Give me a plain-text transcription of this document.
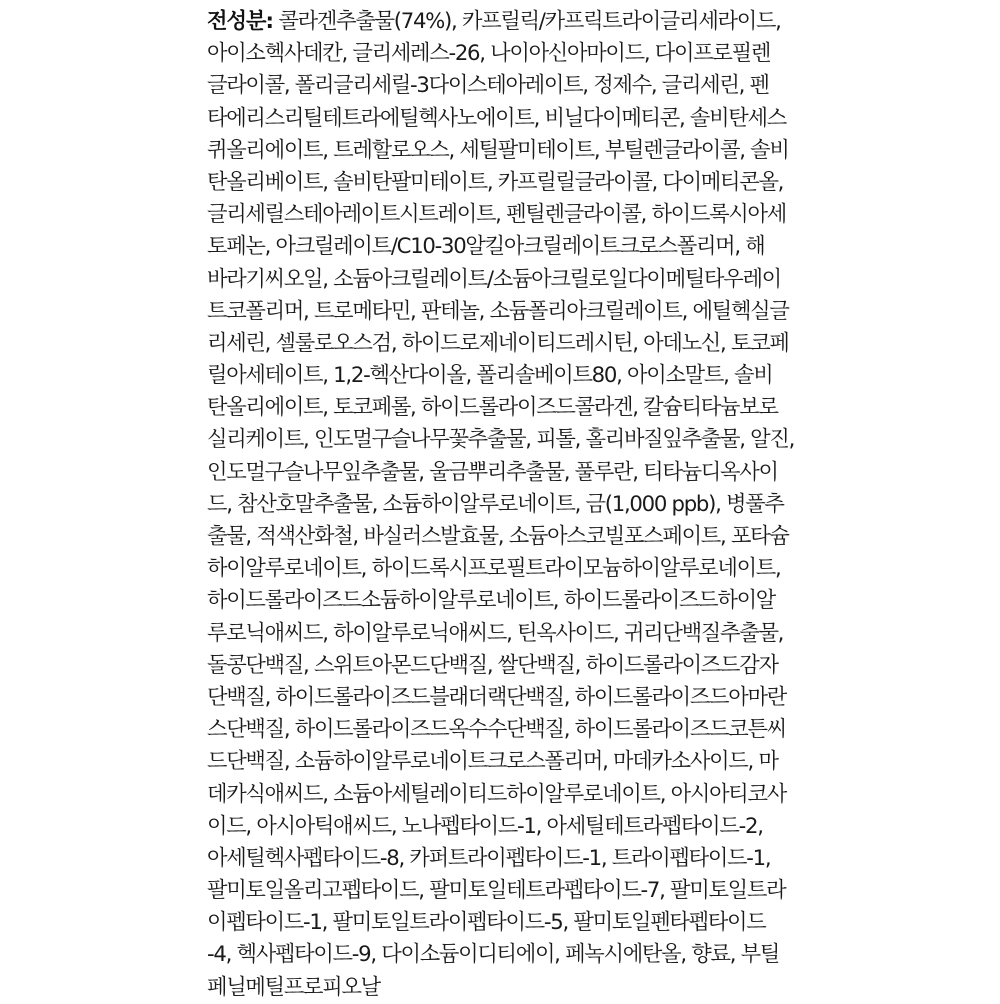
전성분: 콜라겐추출물(74%), 카프릴릭/카프릭트라이글리세라이드,
아이소헥사데칸, 글리세레스-26, 나이아신아마이드, 다이프로필렌
글라이콜, 폴리글리세릴-3다이스테아레이트, 정제수, 글리세린, 펜
타에리스리틸테트라에틸헥사노에이트, 비닐다이메티콘, 솔비탄세스
퀴올리에이트, 트레할로오스, 세틸팔미테이트, 부틸렌글라이콜, 솔비
탄올리베이트, 솔비탄팔미테이트, 카프릴릴글라이콜, 다이메티콘올,
글리세릴스테아레이트시트레이트, 펜틸렌글라이콜, 하이드록시아세
토페논, 아크릴레이트/C10-30알킬아크릴레이트크로스폴리머, 해
바라기씨오일, 소듐아크릴레이트/소듐아크릴로일다이메틸타우레이
트코폴리머, 트로메타민, 판테놀, 소듐폴리아크릴레이트, 에틸헥실글
리세린, 셀룰로오스검, 하이드로제네이티드레시틴, 아데노신, 토코페
릴아세테이트, 1,2-헥산다이올, 폴리솔베이트80, 아이소말트, 솔비
탄올리에이트, 토코페롤, 하이드롤라이즈드콜라겐, 칼슘티타늄보로
실리케이트, 인도멀구슬나무꽃추출물, 피톨, 홀리바질잎추출물, 알진,
인도멀구슬나무잎추출물, 울금뿌리추출물, 풀루란, 티타늄디옥사이
드, 참산호말추출물, 소듐하이알루로네이트, 금(1,000 ppb), 병풀추
출물, 적색산화철, 바실러스발효물, 소듐아스코빌포스페이트, 포타슘
하이알루로네이트, 하이드록시프로필트라이모늄하이알루로네이트,
하이드롤라이즈드소듐하이알루로네이트, 하이드롤라이즈드하이알
루로닉애씨드, 하이알루로닉애씨드, 틴옥사이드, 귀리단백질추출물,
돌콩단백질, 스위트아몬드단백질, 쌀단백질, 하이드롤라이즈드감자
단백질, 하이드롤라이즈드블래더랙단백질, 하이드롤라이즈드아마란
스단백질, 하이드롤라이즈드옥수수단백질, 하이드롤라이즈드코튼씨
드단백질, 소듐하이알루로네이트크로스폴리머, 마데카소사이드, 마
데카식애씨드, 소듐아세틸레이티드하이알루로네이트, 아시아티코사
이드, 아시아틱애씨드, 노나펩타이드-1, 아세틸테트라펩타이드-2,
아세틸헥사펩타이드-8, 카퍼트라이펩타이드-1, 트라이펩타이드-1,
팔미토일올리고펩타이드, 팔미토일테트라펩타이드-7, 팔미토일트라
이펩타이드-1, 팔미토일트라이펩타이드-5, 팔미토일펜타펩타이드
-4, 헥사펩타이드-9, 다이소듐이디티에이, 페녹시에탄올, 향료, 부틸
페닐메틸프로피오날
